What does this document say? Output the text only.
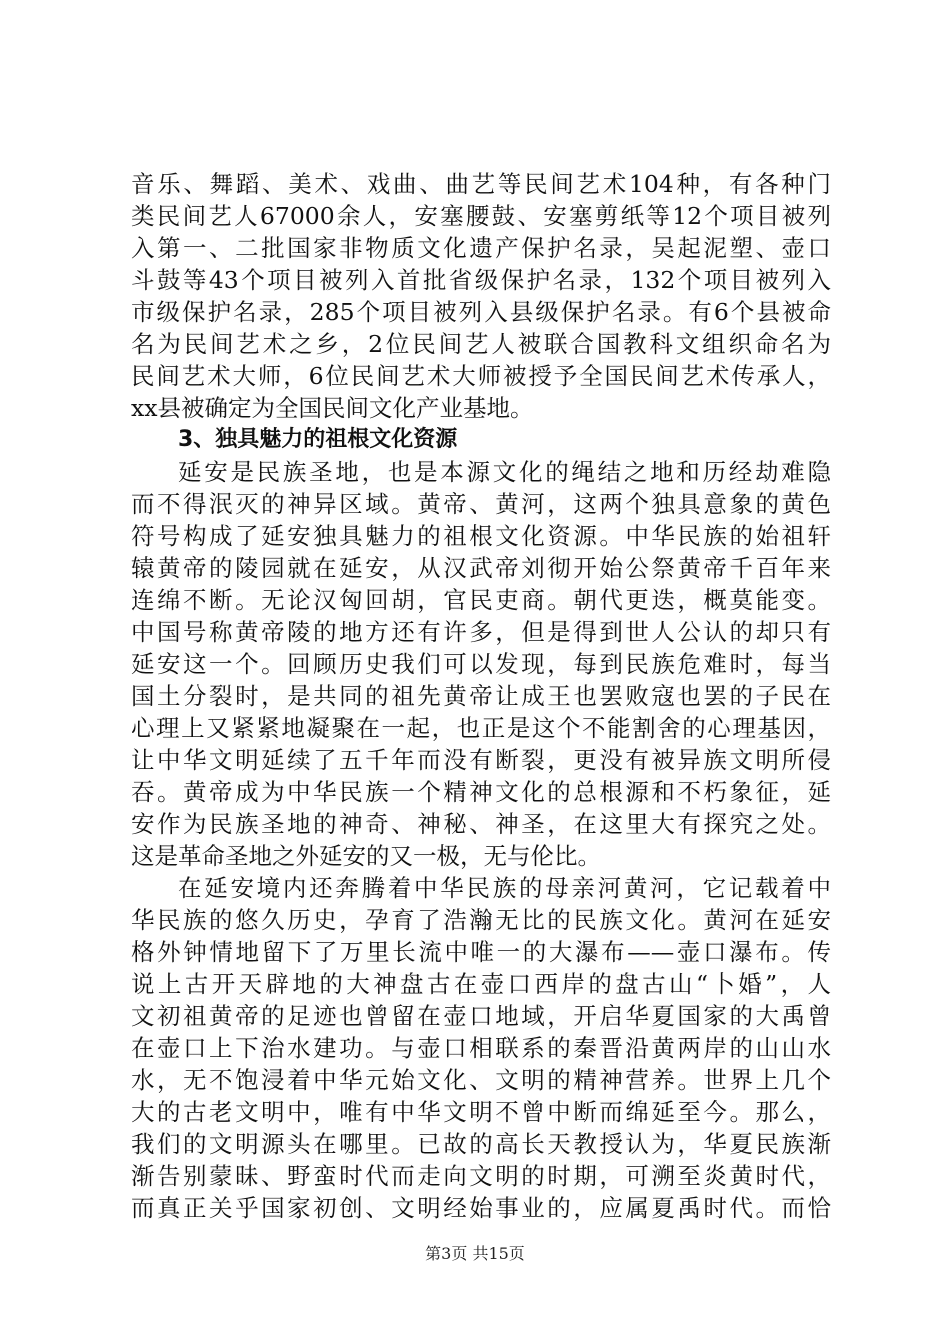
音乐、舞蹈、美术、戏曲、曲艺等民间艺术104种，有各种门
类民间艺人67000余人，安塞腰鼓、安塞剪纸等12个项目被列
入第一、二批国家非物质文化遗产保护名录，吴起泥塑、壶口
斗鼓等43个项目被列入首批省级保护名录，132个项目被列入
市级保护名录，285个项目被列入县级保护名录。有6个县被命
名为民间艺术之乡，2位民间艺人被联合国教科文组织命名为
民间艺术大师，6位民间艺术大师被授予全国民间艺术传承人，
xx县被确定为全国民间文化产业基地。
3、独具魅力的祖根文化资源
延安是民族圣地，也是本源文化的绳结之地和历经劫难隐
而不得泯灭的神异区域。黄帝、黄河，这两个独具意象的黄色
符号构成了延安独具魅力的祖根文化资源。中华民族的始祖轩
辕黄帝的陵园就在延安，从汉武帝刘彻开始公祭黄帝千百年来
连绵不断。无论汉匈回胡，官民吏商。朝代更迭，概莫能变。
中国号称黄帝陵的地方还有许多，但是得到世人公认的却只有
延安这一个。回顾历史我们可以发现，每到民族危难时，每当
国土分裂时，是共同的祖先黄帝让成王也罢败寇也罢的子民在
心理上又紧紧地凝聚在一起，也正是这个不能割舍的心理基因，
让中华文明延续了五千年而没有断裂，更没有被异族文明所侵
吞。黄帝成为中华民族一个精神文化的总根源和不朽象征，延
安作为民族圣地的神奇、神秘、神圣，在这里大有探究之处。
这是革命圣地之外延安的又一极，无与伦比。
在延安境内还奔腾着中华民族的母亲河黄河，它记载着中
华民族的悠久历史，孕育了浩瀚无比的民族文化。黄河在延安
格外钟情地留下了万里长流中唯一的大瀑布——壶口瀑布。传
说上古开天辟地的大神盘古在壶口西岸的盘古山“卜婚”，人
文初祖黄帝的足迹也曾留在壶口地域，开启华夏国家的大禹曾
在壶口上下治水建功。与壶口相联系的秦晋沿黄两岸的山山水
水，无不饱浸着中华元始文化、文明的精神营养。世界上几个
大的古老文明中，唯有中华文明不曾中断而绵延至今。那么，
我们的文明源头在哪里。已故的高长天教授认为，华夏民族渐
渐告别蒙昧、野蛮时代而走向文明的时期，可溯至炎黄时代，
而真正关乎国家初创、文明经始事业的，应属夏禹时代。而恰
第3页 共15页
